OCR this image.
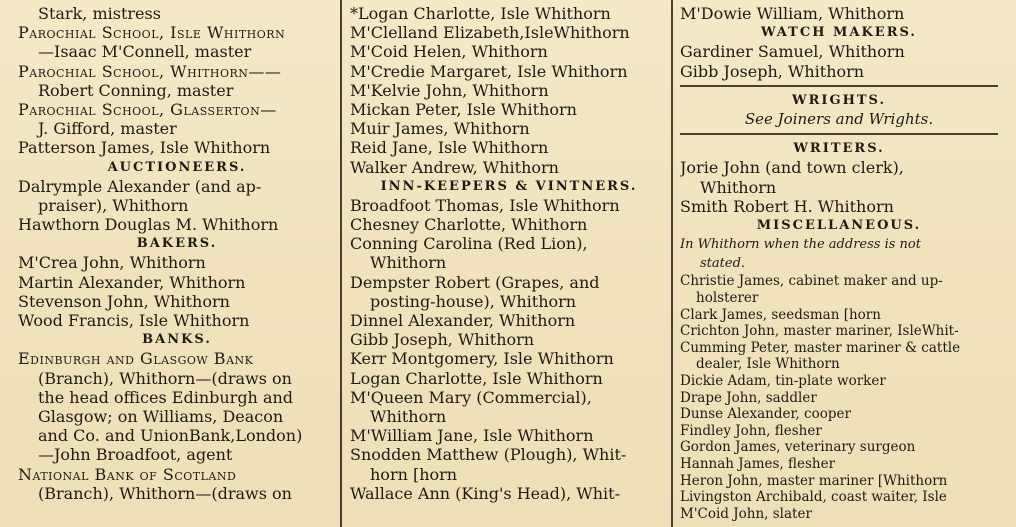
Stark, mistress
Parochial School, Isle Whithorn
—Isaac M'Connell, master
Parochial School, Whithorn——
Robert Conning, master
Parochial School, Glasserton—
J. Gifford, master
Patterson James, Isle Whithorn
AUCTIONEERS.
Dalrymple Alexander (and ap-
praiser), Whithorn
Hawthorn Douglas M. Whithorn
BAKERS.
M'Crea John, Whithorn
Martin Alexander, Whithorn
Stevenson John, Whithorn
Wood Francis, Isle Whithorn
BANKS.
Edinburgh and Glasgow Bank
(Branch), Whithorn—(draws on
the head offices Edinburgh and
Glasgow; on Williams, Deacon
and Co. and UnionBank,London)
—John Broadfoot, agent
National Bank of Scotland
(Branch), Whithorn—(draws on
*Logan Charlotte, Isle Whithorn
M'Clelland Elizabeth,IsleWhithorn
M'Coid Helen, Whithorn
M'Credie Margaret, Isle Whithorn
M'Kelvie John, Whithorn
Mickan Peter, Isle Whithorn
Muir James, Whithorn
Reid Jane, Isle Whithorn
Walker Andrew, Whithorn
INN-KEEPERS & VINTNERS.
Broadfoot Thomas, Isle Whithorn
Chesney Charlotte, Whithorn
Conning Carolina (Red Lion),
Whithorn
Dempster Robert (Grapes, and
posting-house), Whithorn
Dinnel Alexander, Whithorn
Gibb Joseph, Whithorn
Kerr Montgomery, Isle Whithorn
Logan Charlotte, Isle Whithorn
M'Queen Mary (Commercial),
Whithorn
M'William Jane, Isle Whithorn
Snodden Matthew (Plough), Whit-
horn [horn
Wallace Ann (King's Head), Whit-
M'Dowie William, Whithorn
WATCH MAKERS.
Gardiner Samuel, Whithorn
Gibb Joseph, Whithorn
WRIGHTS.
See Joiners and Wrights.
WRITERS.
Jorie John (and town clerk),
Whithorn
Smith Robert H. Whithorn
MISCELLANEOUS.
In Whithorn when the address is not
stated.
Christie James, cabinet maker and up-
holsterer
Clark James, seedsman [horn
Crichton John, master mariner, IsleWhit-
Cumming Peter, master mariner & cattle
dealer, Isle Whithorn
Dickie Adam, tin-plate worker
Drape John, saddler
Dunse Alexander, cooper
Findley John, flesher
Gordon James, veterinary surgeon
Hannah James, flesher
Heron John, master mariner [Whithorn
Livingston Archibald, coast waiter, Isle
M'Coid John, slater
